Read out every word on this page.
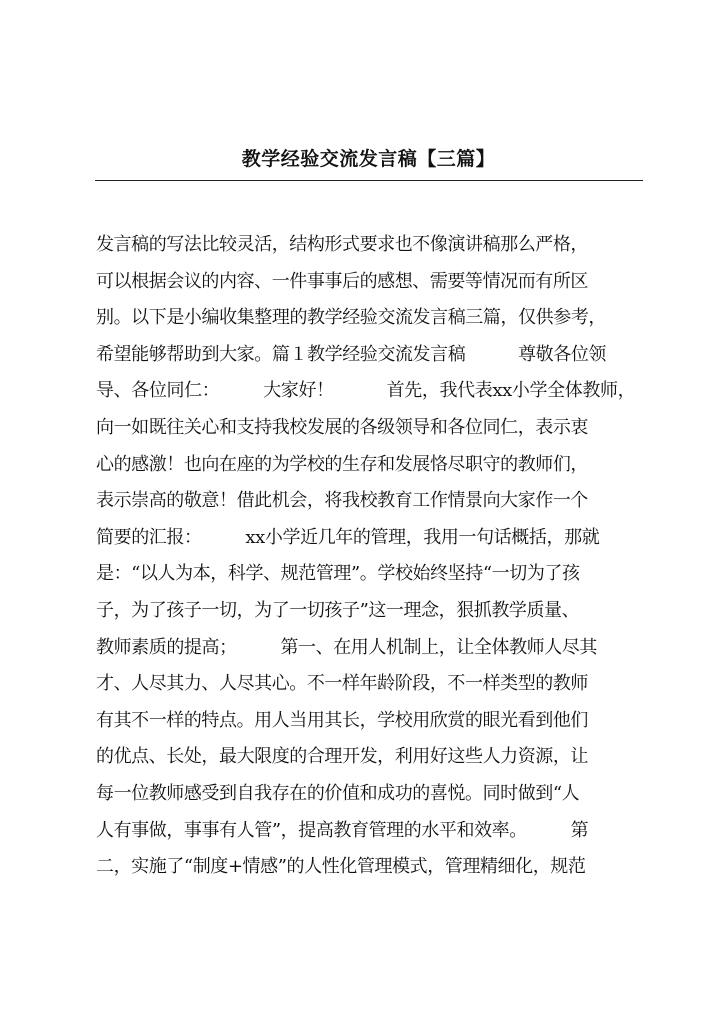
教学经验交流发言稿【三篇】
发言稿的写法比较灵活，结构形式要求也不像演讲稿那么严格，
可以根据会议的内容、一件事事后的感想、需要等情况而有所区
别。以下是小编收集整理的教学经验交流发言稿三篇，仅供参考，
希望能够帮助到大家。篇１教学经验交流发言稿　　　尊敬各位领
导、各位同仁：　　　大家好！　　　首先，我代表xx小学全体教师，
向一如既往关心和支持我校发展的各级领导和各位同仁，表示衷
心的感激！也向在座的为学校的生存和发展恪尽职守的教师们，
表示崇高的敬意！借此机会，将我校教育工作情景向大家作一个
简要的汇报：　　　xx小学近几年的管理，我用一句话概括，那就
是：“以人为本，科学、规范管理”。学校始终坚持“一切为了孩
子，为了孩子一切，为了一切孩子”这一理念，狠抓教学质量、
教师素质的提高；　　　第一、在用人机制上，让全体教师人尽其
才、人尽其力、人尽其心。不一样年龄阶段，不一样类型的教师
有其不一样的特点。用人当用其长，学校用欣赏的眼光看到他们
的优点、长处，最大限度的合理开发，利用好这些人力资源，让
每一位教师感受到自我存在的价值和成功的喜悦。同时做到“人
人有事做，事事有人管”，提高教育管理的水平和效率。　　　第
二，实施了“制度+情感”的人性化管理模式，管理精细化，规范
